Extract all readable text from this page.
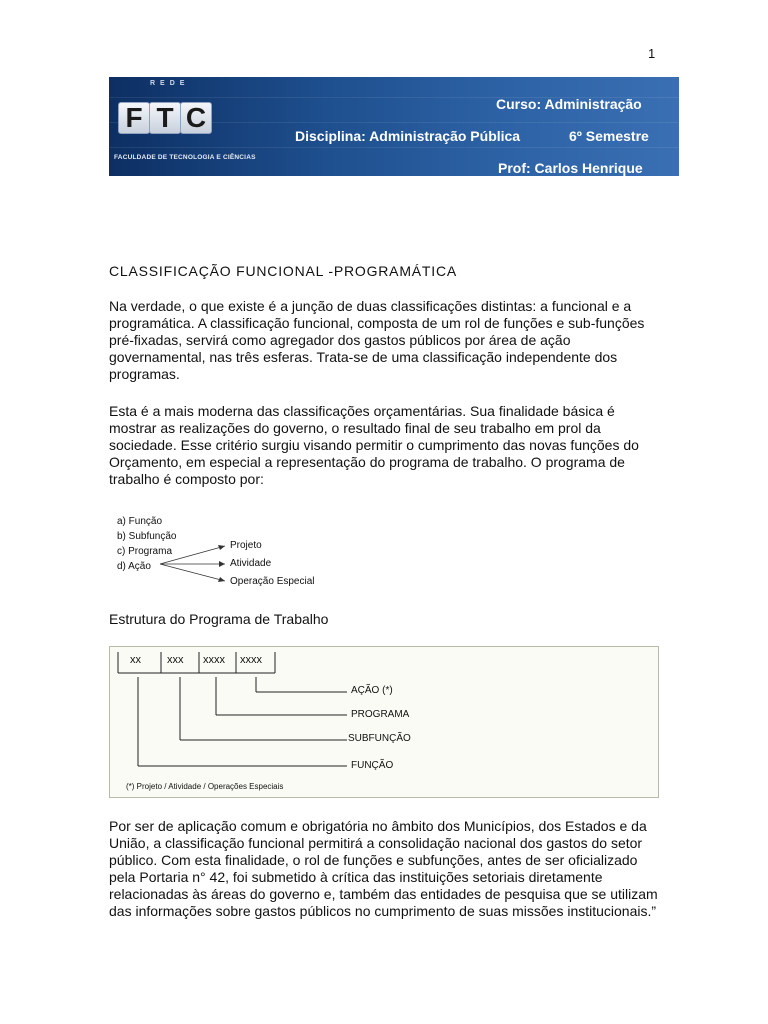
1
REDE
F T C
FACULDADE DE TECNOLOGIA E CIÊNCIAS
Curso: Administração
Disciplina: Administração Pública	6º Semestre
Prof: Carlos Henrique
CLASSIFICAÇÃO FUNCIONAL -PROGRAMÁTICA

Na verdade, o que existe é a junção de duas classificações distintas: a funcional e a programática. A classificação funcional, composta de um rol de funções e sub-funções pré-fixadas, servirá como agregador dos gastos públicos por área de ação governamental, nas três esferas. Trata-se de uma classificação independente dos programas.

Esta é a mais moderna das classificações orçamentárias. Sua finalidade básica é mostrar as realizações do governo, o resultado final de seu trabalho em prol da sociedade. Esse critério surgiu visando permitir o cumprimento das novas funções do Orçamento, em especial a representação do programa de trabalho. O programa de trabalho é composto por:

a) Função
b) Subfunção
c) Programa
d) Ação
Projeto
Atividade
Operação Especial
Estrutura do Programa de Trabalho
xx xxx xxxx xxxx
AÇÃO (*)
PROGRAMA
SUBFUNÇÃO
FUNÇÃO
(*) Projeto / Atividade / Operações Especiais

Por ser de aplicação comum e obrigatória no âmbito dos Municípios, dos Estados e da União, a classificação funcional permitirá a consolidação nacional dos gastos do setor público. Com esta finalidade, o rol de funções e subfunções, antes de ser oficializado pela Portaria n° 42, foi submetido à crítica das instituições setoriais diretamente relacionadas às áreas do governo e, também das entidades de pesquisa que se utilizam das informações sobre gastos públicos no cumprimento de suas missões institucionais.”
